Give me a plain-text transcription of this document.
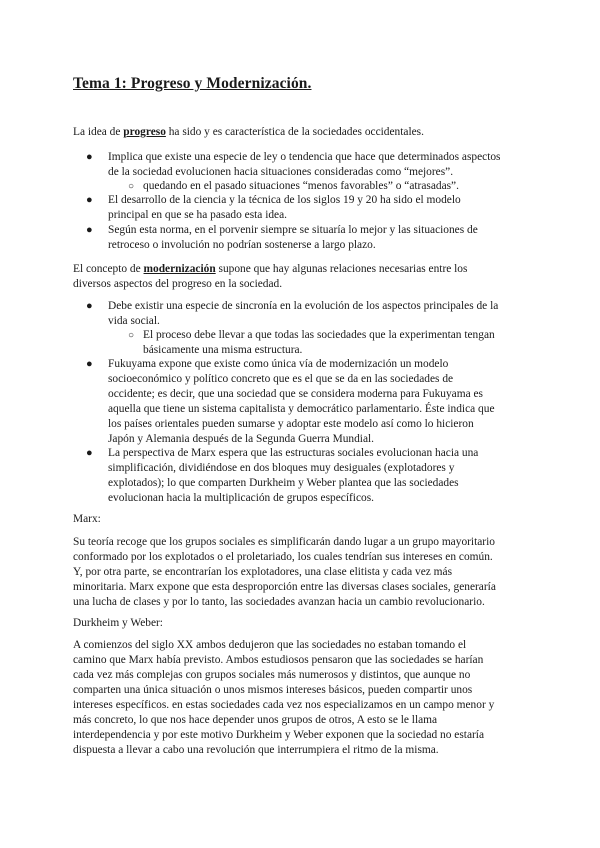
Tema 1: Progreso y Modernización.
La idea de progreso ha sido y es característica de la sociedades occidentales.
● Implica que existe una especie de ley o tendencia que hace que determinados aspectos
de la sociedad evolucionen hacia situaciones consideradas como “mejores”.
○ quedando en el pasado situaciones “menos favorables” o “atrasadas”.
● El desarrollo de la ciencia y la técnica de los siglos 19 y 20 ha sido el modelo
principal en que se ha pasado esta idea.
● Según esta norma, en el porvenir siempre se situaría lo mejor y las situaciones de
retroceso o involución no podrían sostenerse a largo plazo.
El concepto de modernización supone que hay algunas relaciones necesarias entre los
diversos aspectos del progreso en la sociedad.
● Debe existir una especie de sincronía en la evolución de los aspectos principales de la
vida social.
○ El proceso debe llevar a que todas las sociedades que la experimentan tengan
básicamente una misma estructura.
● Fukuyama expone que existe como única vía de modernización un modelo
socioeconómico y político concreto que es el que se da en las sociedades de
occidente; es decir, que una sociedad que se considera moderna para Fukuyama es
aquella que tiene un sistema capitalista y democrático parlamentario. Éste indica que
los países orientales pueden sumarse y adoptar este modelo así como lo hicieron
Japón y Alemania después de la Segunda Guerra Mundial.
● La perspectiva de Marx espera que las estructuras sociales evolucionan hacia una
simplificación, dividiéndose en dos bloques muy desiguales (explotadores y
explotados); lo que comparten Durkheim y Weber plantea que las sociedades
evolucionan hacia la multiplicación de grupos específicos.
Marx:
Su teoría recoge que los grupos sociales es simplificarán dando lugar a un grupo mayoritario
conformado por los explotados o el proletariado, los cuales tendrían sus intereses en común.
Y, por otra parte, se encontrarían los explotadores, una clase elitista y cada vez más
minoritaria. Marx expone que esta desproporción entre las diversas clases sociales, generaría
una lucha de clases y por lo tanto, las sociedades avanzan hacia un cambio revolucionario.
Durkheim y Weber:
A comienzos del siglo XX ambos dedujeron que las sociedades no estaban tomando el
camino que Marx había previsto. Ambos estudiosos pensaron que las sociedades se harían
cada vez más complejas con grupos sociales más numerosos y distintos, que aunque no
comparten una única situación o unos mismos intereses básicos, pueden compartir unos
intereses específicos. en estas sociedades cada vez nos especializamos en un campo menor y
más concreto, lo que nos hace depender unos grupos de otros, A esto se le llama
interdependencia y por este motivo Durkheim y Weber exponen que la sociedad no estaría
dispuesta a llevar a cabo una revolución que interrumpiera el ritmo de la misma.
